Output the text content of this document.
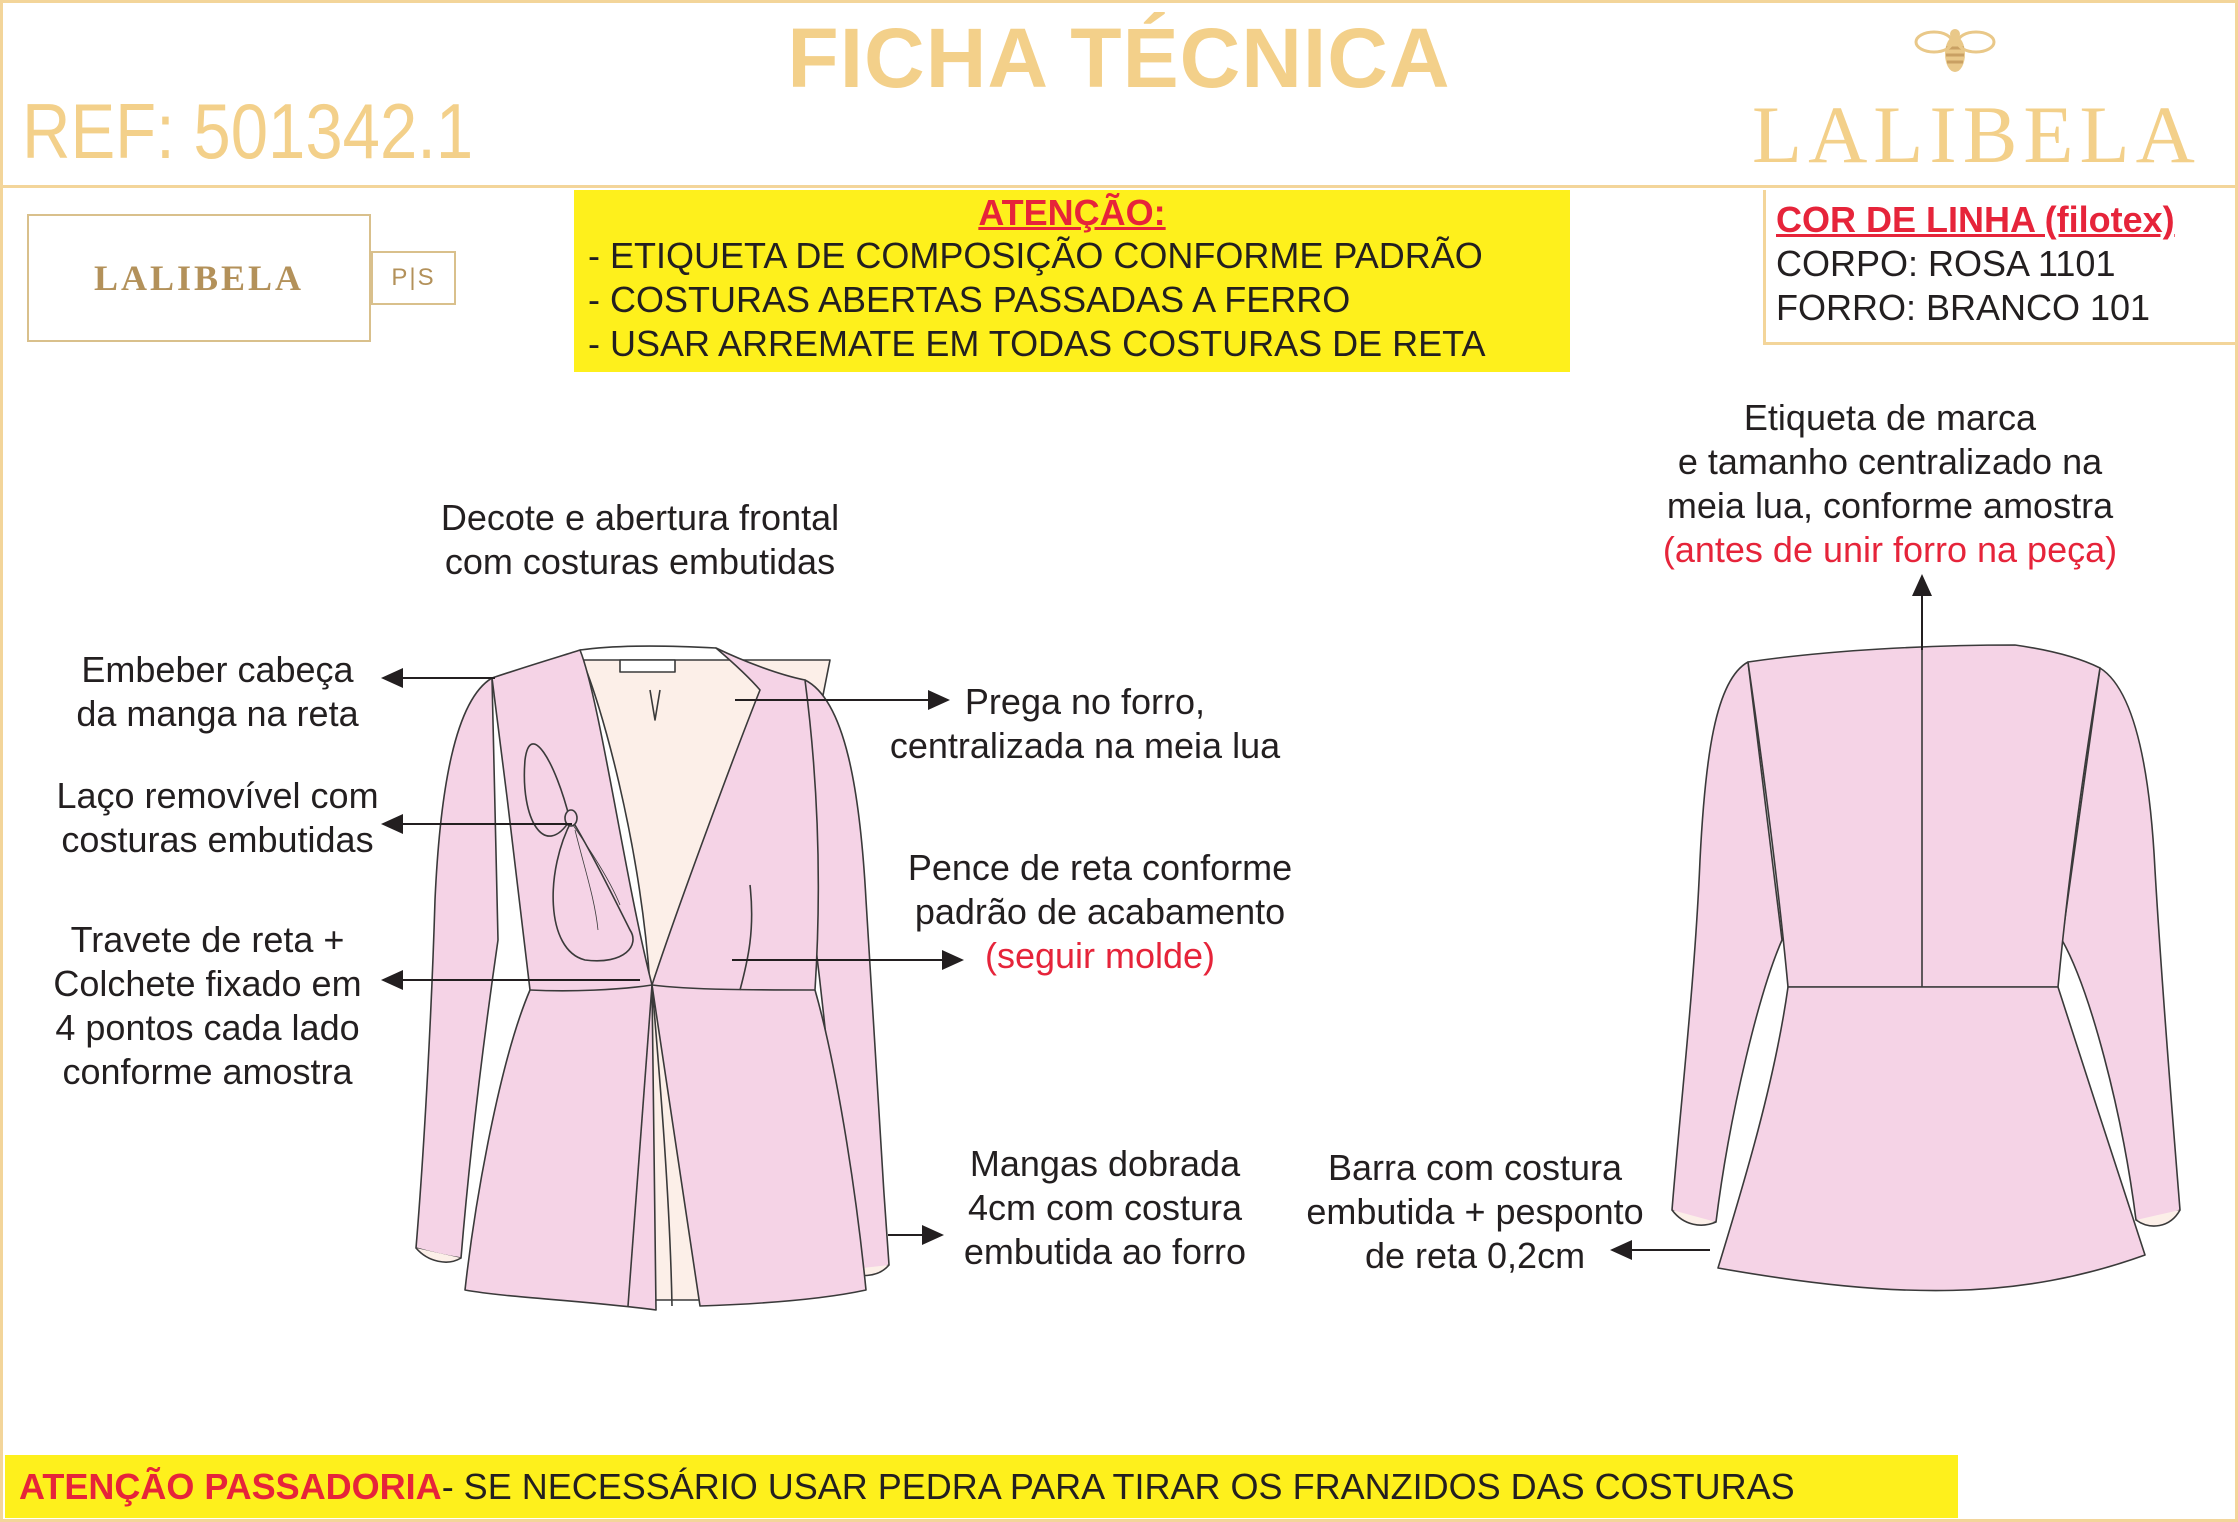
FICHA TÉCNICA
REF: 501342.1	LALIBELA
LALIBELA	P|S
ATENÇÃO:
- ETIQUETA DE COMPOSIÇÃO CONFORME PADRÃO
- COSTURAS ABERTAS PASSADAS A FERRO
- USAR ARREMATE EM TODAS COSTURAS DE RETA
COR DE LINHA (filotex)
CORPO: ROSA 1101
FORRO: BRANCO 101
Decote e abertura frontal
com costuras embutidas
Embeber cabeça
da manga na reta
Laço removível com
costuras embutidas
Travete de reta +
Colchete fixado em
4 pontos cada lado
conforme amostra
Prega no forro,
centralizada na meia lua
Pence de reta conforme
padrão de acabamento
(seguir molde)
Mangas dobrada
4cm com costura
embutida ao forro
Barra com costura
embutida + pesponto
de reta 0,2cm
Etiqueta de marca
e tamanho centralizado na
meia lua, conforme amostra
(antes de unir forro na peça)
ATENÇÃO PASSADORIA - SE NECESSÁRIO USAR PEDRA PARA TIRAR OS FRANZIDOS DAS COSTURAS
